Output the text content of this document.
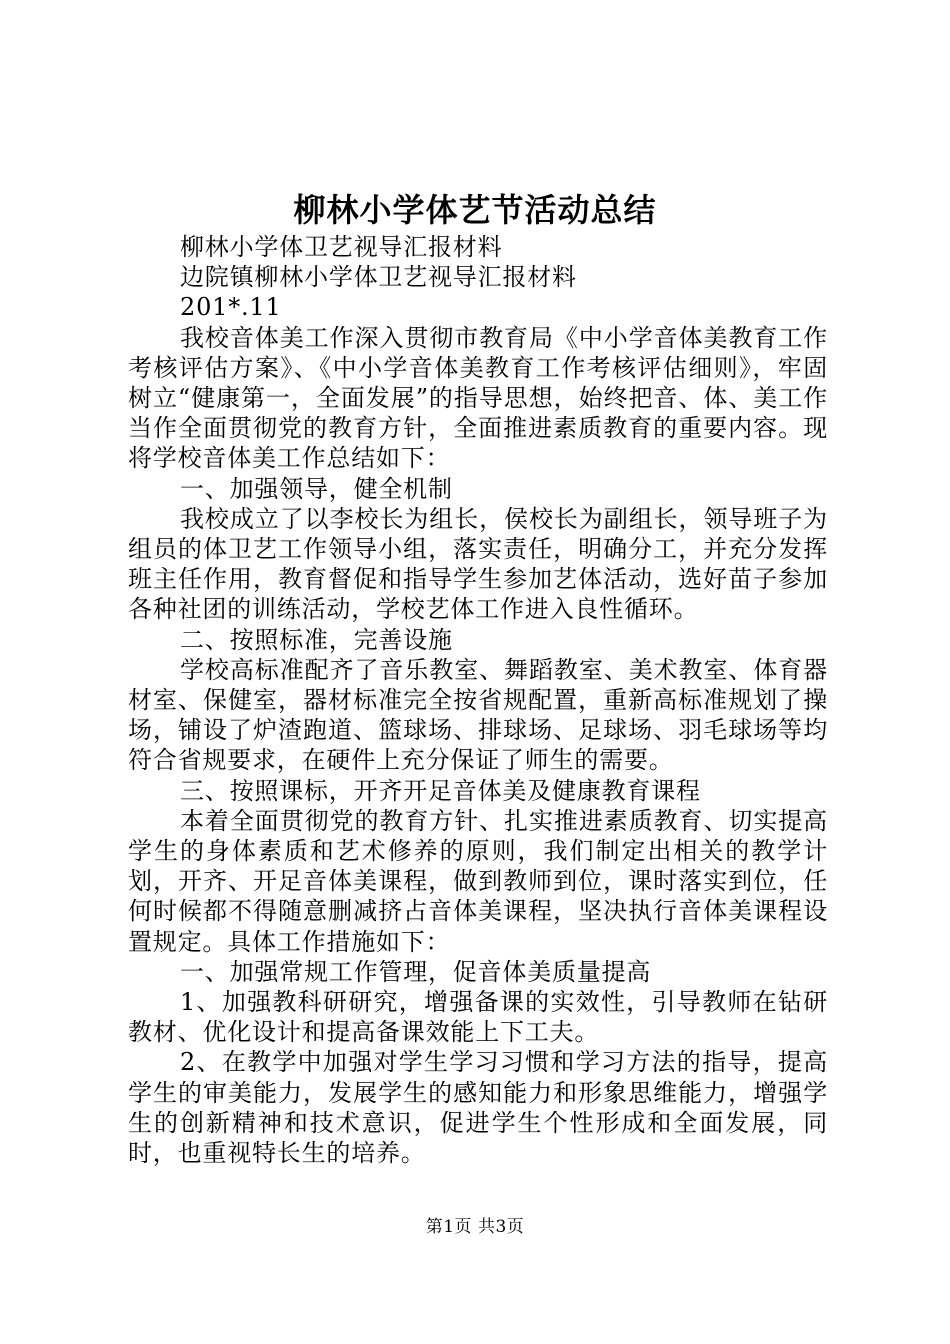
柳林小学体艺节活动总结

柳林小学体卫艺视导汇报材料

边院镇柳林小学体卫艺视导汇报材料

201*.11

我校音体美工作深入贯彻市教育局《中小学音体美教育工作考核评估方案》、《中小学音体美教育工作考核评估细则》，牢固树立“健康第一，全面发展”的指导思想，始终把音、体、美工作当作全面贯彻党的教育方针，全面推进素质教育的重要内容。现将学校音体美工作总结如下：

一、加强领导，健全机制

我校成立了以李校长为组长，侯校长为副组长，领导班子为组员的体卫艺工作领导小组，落实责任，明确分工，并充分发挥班主任作用，教育督促和指导学生参加艺体活动，选好苗子参加各种社团的训练活动，学校艺体工作进入良性循环。

二、按照标准，完善设施

学校高标准配齐了音乐教室、舞蹈教室、美术教室、体育器材室、保健室，器材标准完全按省规配置，重新高标准规划了操场，铺设了炉渣跑道、篮球场、排球场、足球场、羽毛球场等均符合省规要求，在硬件上充分保证了师生的需要。

三、按照课标，开齐开足音体美及健康教育课程

本着全面贯彻党的教育方针、扎实推进素质教育、切实提高学生的身体素质和艺术修养的原则，我们制定出相关的教学计划，开齐、开足音体美课程，做到教师到位，课时落实到位，任何时候都不得随意删减挤占音体美课程，坚决执行音体美课程设置规定。具体工作措施如下：

一、加强常规工作管理，促音体美质量提高

1、加强教科研研究，增强备课的实效性，引导教师在钻研教材、优化设计和提高备课效能上下工夫。

2、在教学中加强对学生学习习惯和学习方法的指导，提高学生的审美能力，发展学生的感知能力和形象思维能力，增强学生的创新精神和技术意识，促进学生个性形成和全面发展，同时，也重视特长生的培养。

第1页 共3页
